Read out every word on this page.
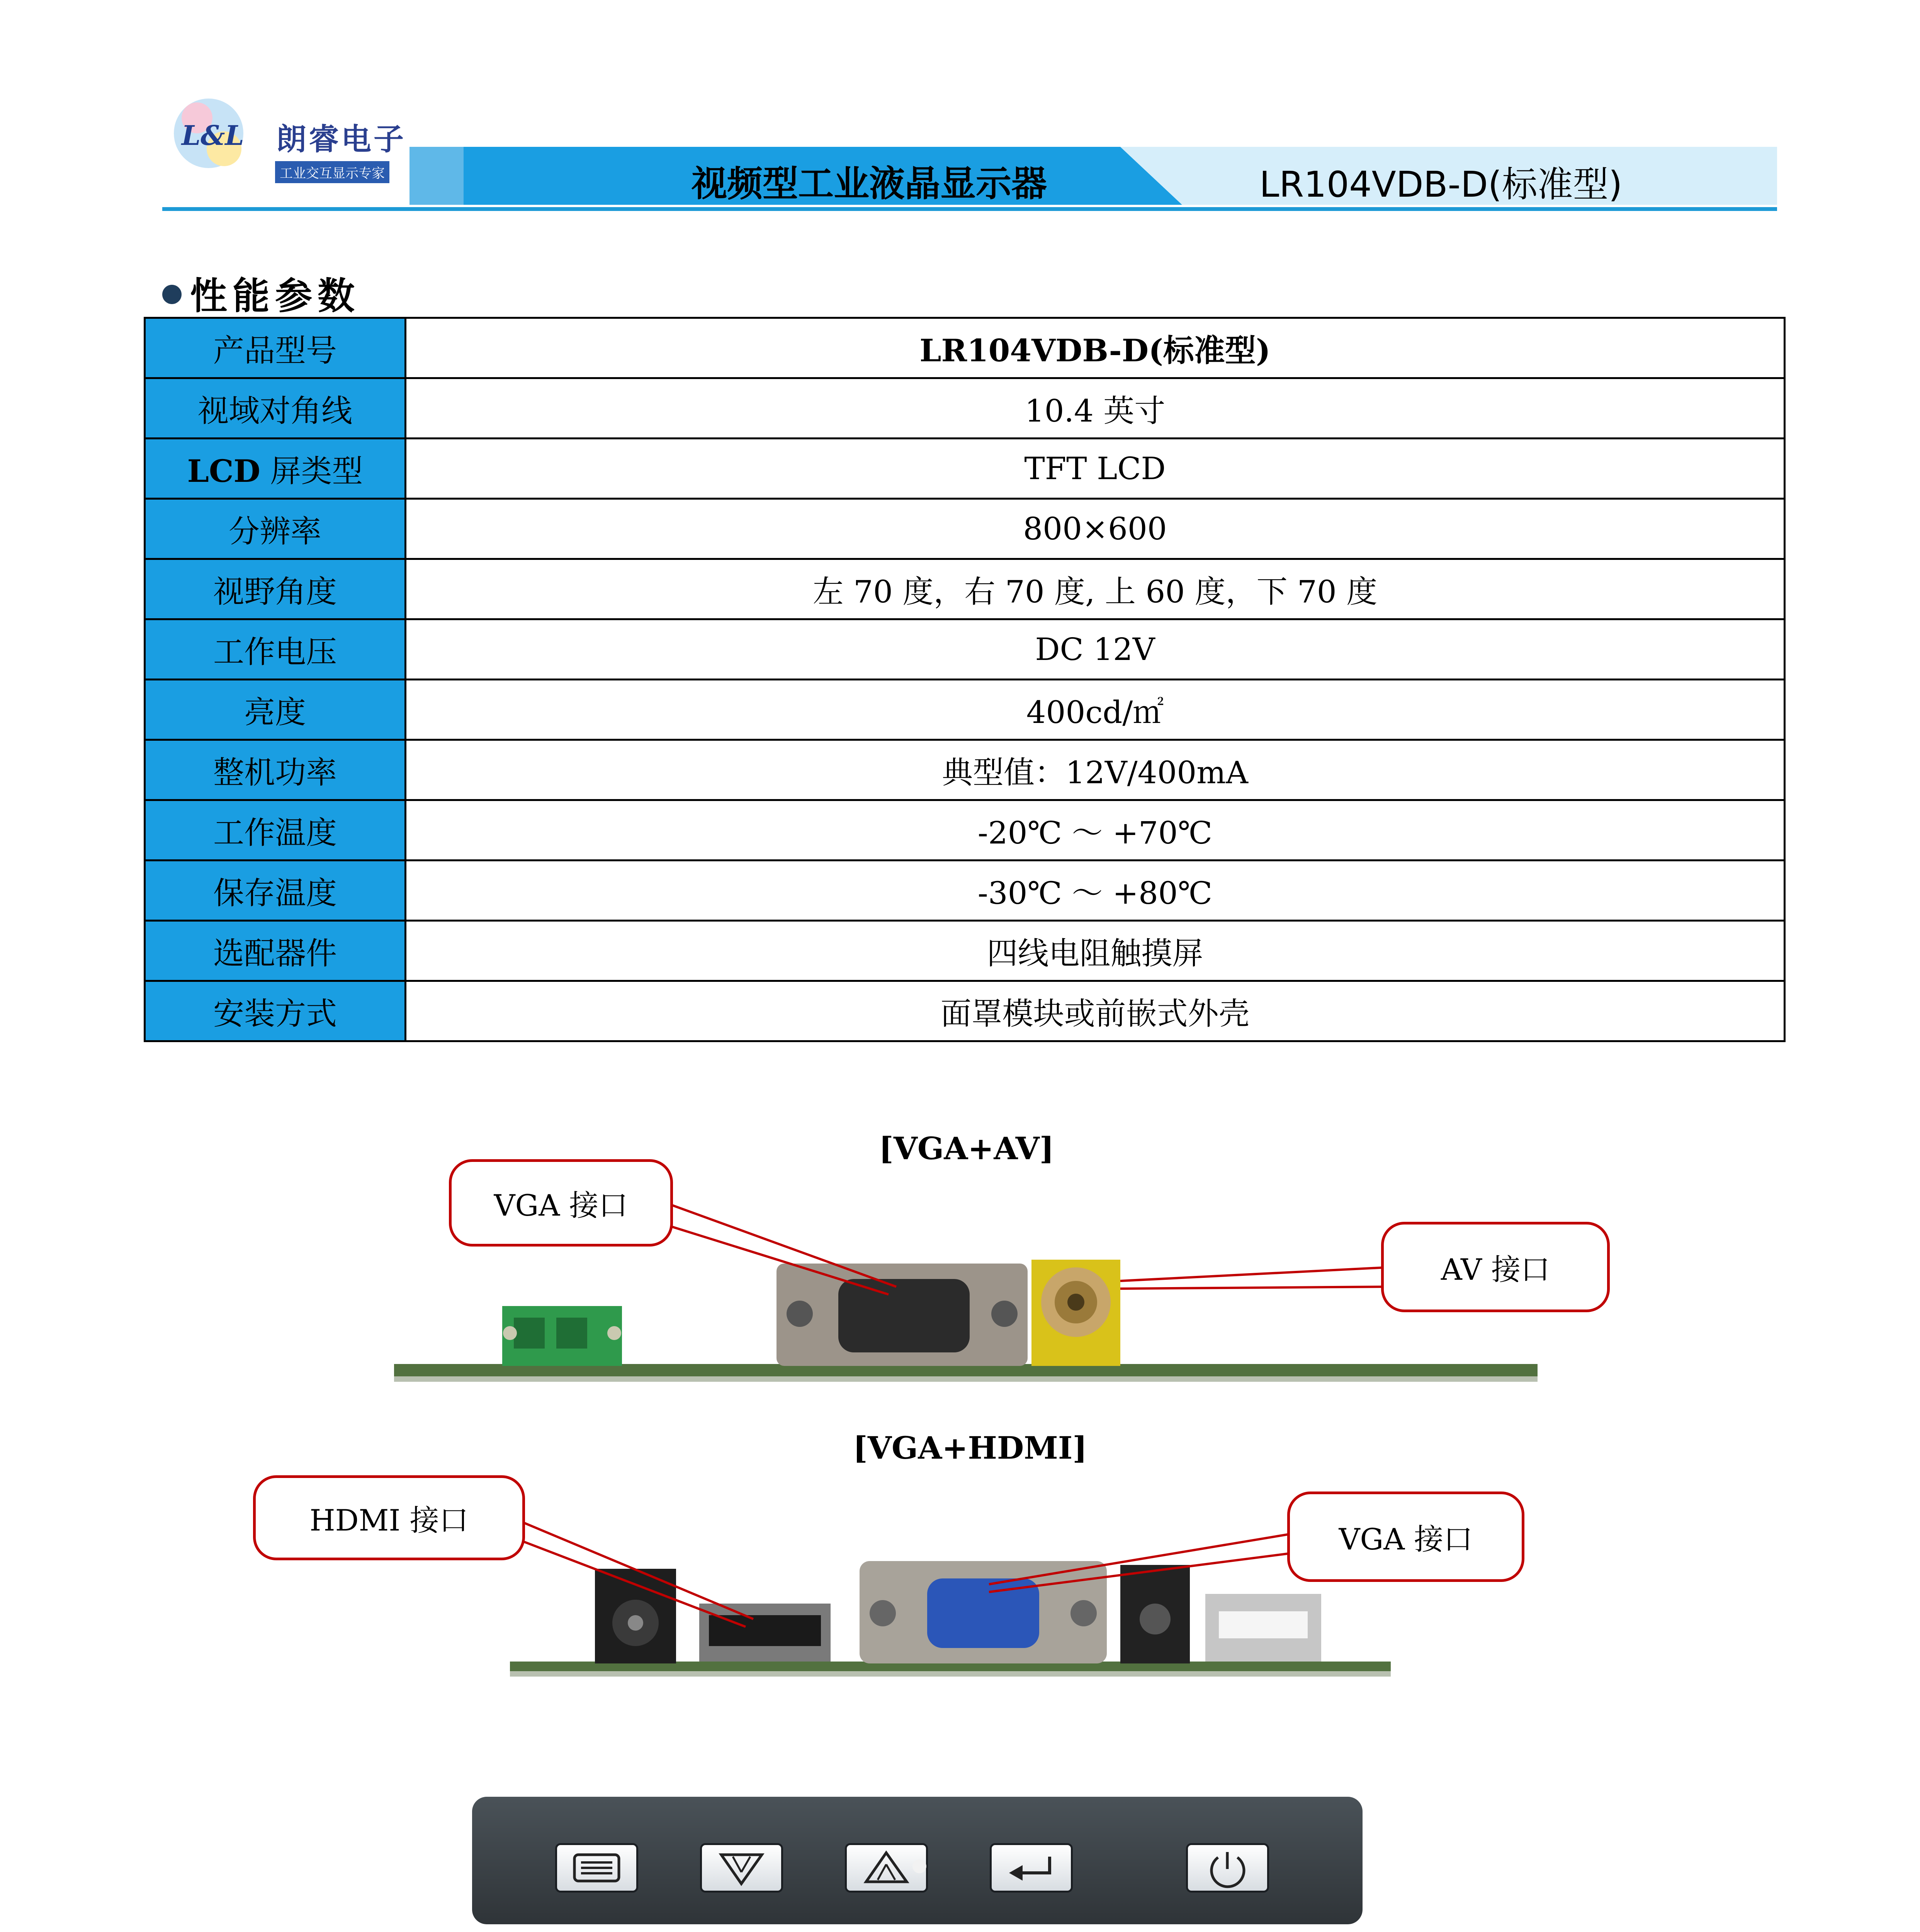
L&L 朗睿电子
工业交互显示专家	视频型工业液晶显示器	LR104VDB-D(标准型)
性能参数
产品型号	LR104VDB-D(标准型)
视域对角线	10.4 英寸
LCD 屏类型	TFT LCD
分辨率	800×600
视野角度	左 70 度，右 70 度, 上 60 度，下 70 度
工作电压	DC 12V
亮度	400cd/㎡
整机功率	典型值：12V/400mA
工作温度	-20℃ ～ +70℃
保存温度	-30℃ ～ +80℃
选配器件	四线电阻触摸屏
安装方式	面罩模块或前嵌式外壳
[VGA+AV]
VGA 接口
AV 接口
[VGA+HDMI]
HDMI 接口
VGA 接口
